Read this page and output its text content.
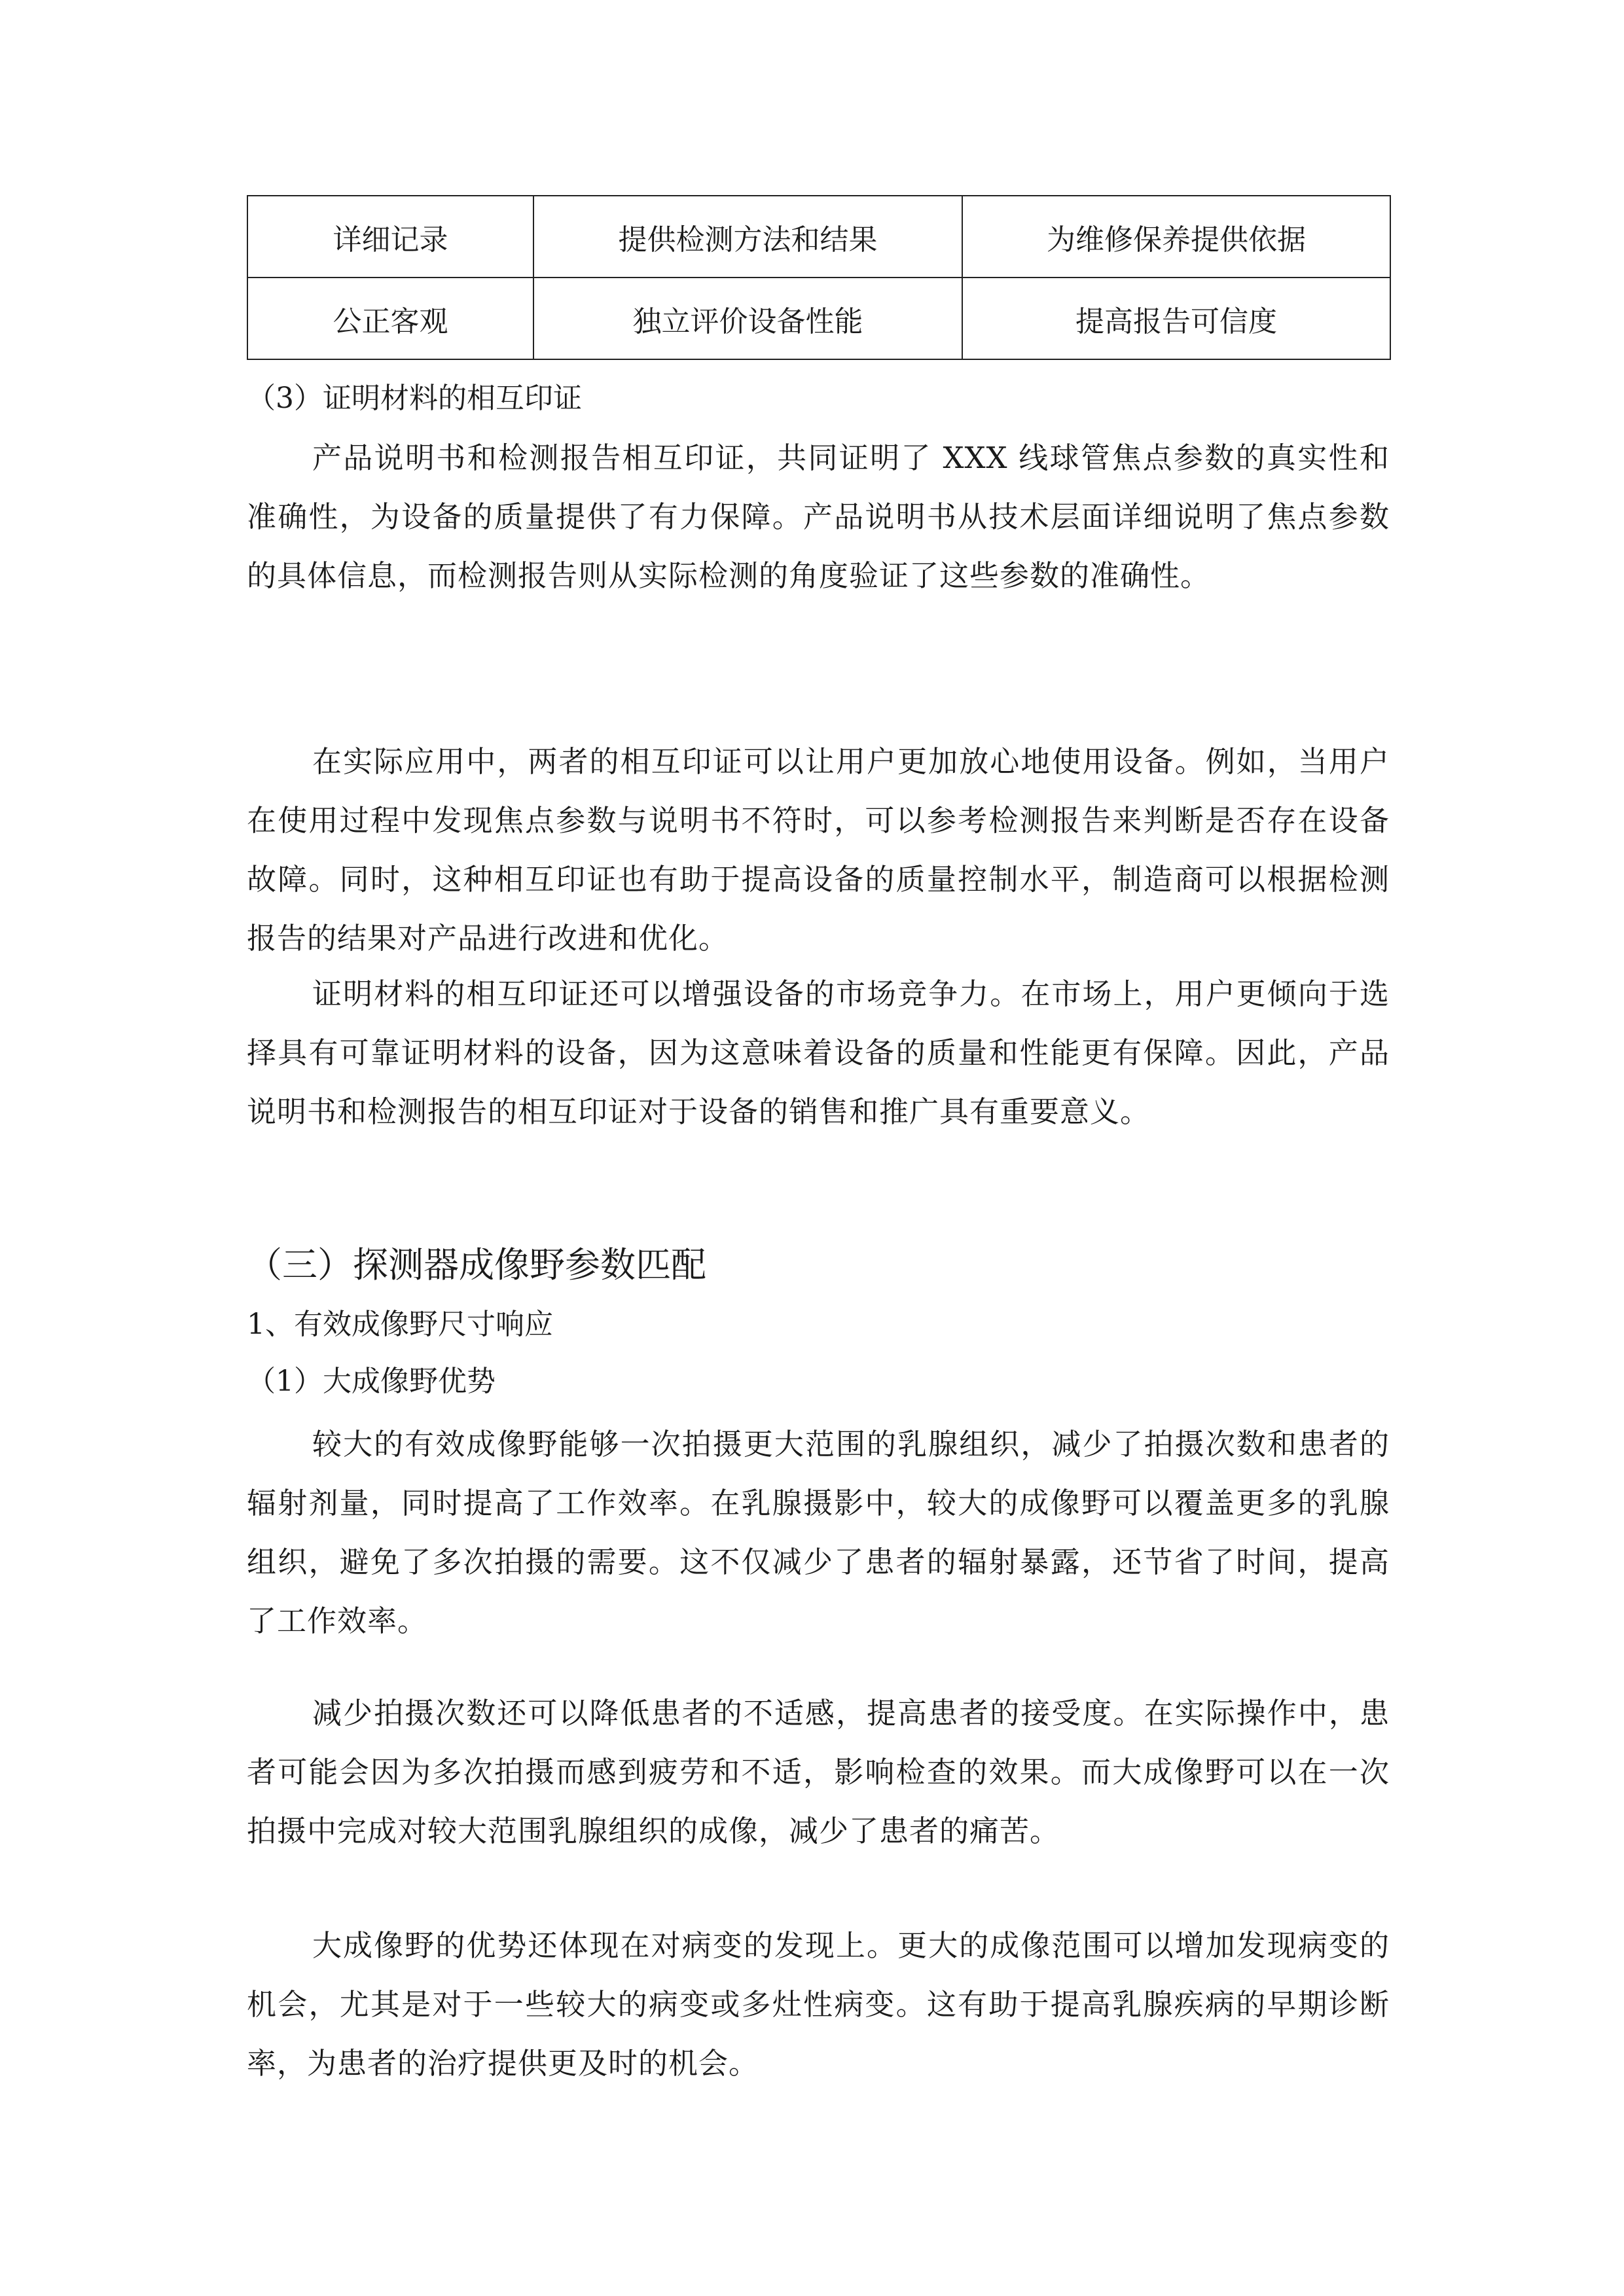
详细记录	提供检测方法和结果	为维修保养提供依据
公正客观	独立评价设备性能	提高报告可信度
（3）证明材料的相互印证
产品说明书和检测报告相互印证，共同证明了 XXX 线球管焦点参数的真实性和准确性，为设备的质量提供了有力保障。产品说明书从技术层面详细说明了焦点参数的具体信息，而检测报告则从实际检测的角度验证了这些参数的准确性。
在实际应用中，两者的相互印证可以让用户更加放心地使用设备。例如，当用户在使用过程中发现焦点参数与说明书不符时，可以参考检测报告来判断是否存在设备故障。同时，这种相互印证也有助于提高设备的质量控制水平，制造商可以根据检测报告的结果对产品进行改进和优化。
证明材料的相互印证还可以增强设备的市场竞争力。在市场上，用户更倾向于选择具有可靠证明材料的设备，因为这意味着设备的质量和性能更有保障。因此，产品说明书和检测报告的相互印证对于设备的销售和推广具有重要意义。
（三）探测器成像野参数匹配
1、有效成像野尺寸响应
（1）大成像野优势
较大的有效成像野能够一次拍摄更大范围的乳腺组织，减少了拍摄次数和患者的辐射剂量，同时提高了工作效率。在乳腺摄影中，较大的成像野可以覆盖更多的乳腺组织，避免了多次拍摄的需要。这不仅减少了患者的辐射暴露，还节省了时间，提高了工作效率。
减少拍摄次数还可以降低患者的不适感，提高患者的接受度。在实际操作中，患者可能会因为多次拍摄而感到疲劳和不适，影响检查的效果。而大成像野可以在一次拍摄中完成对较大范围乳腺组织的成像，减少了患者的痛苦。
大成像野的优势还体现在对病变的发现上。更大的成像范围可以增加发现病变的机会，尤其是对于一些较大的病变或多灶性病变。这有助于提高乳腺疾病的早期诊断率，为患者的治疗提供更及时的机会。
